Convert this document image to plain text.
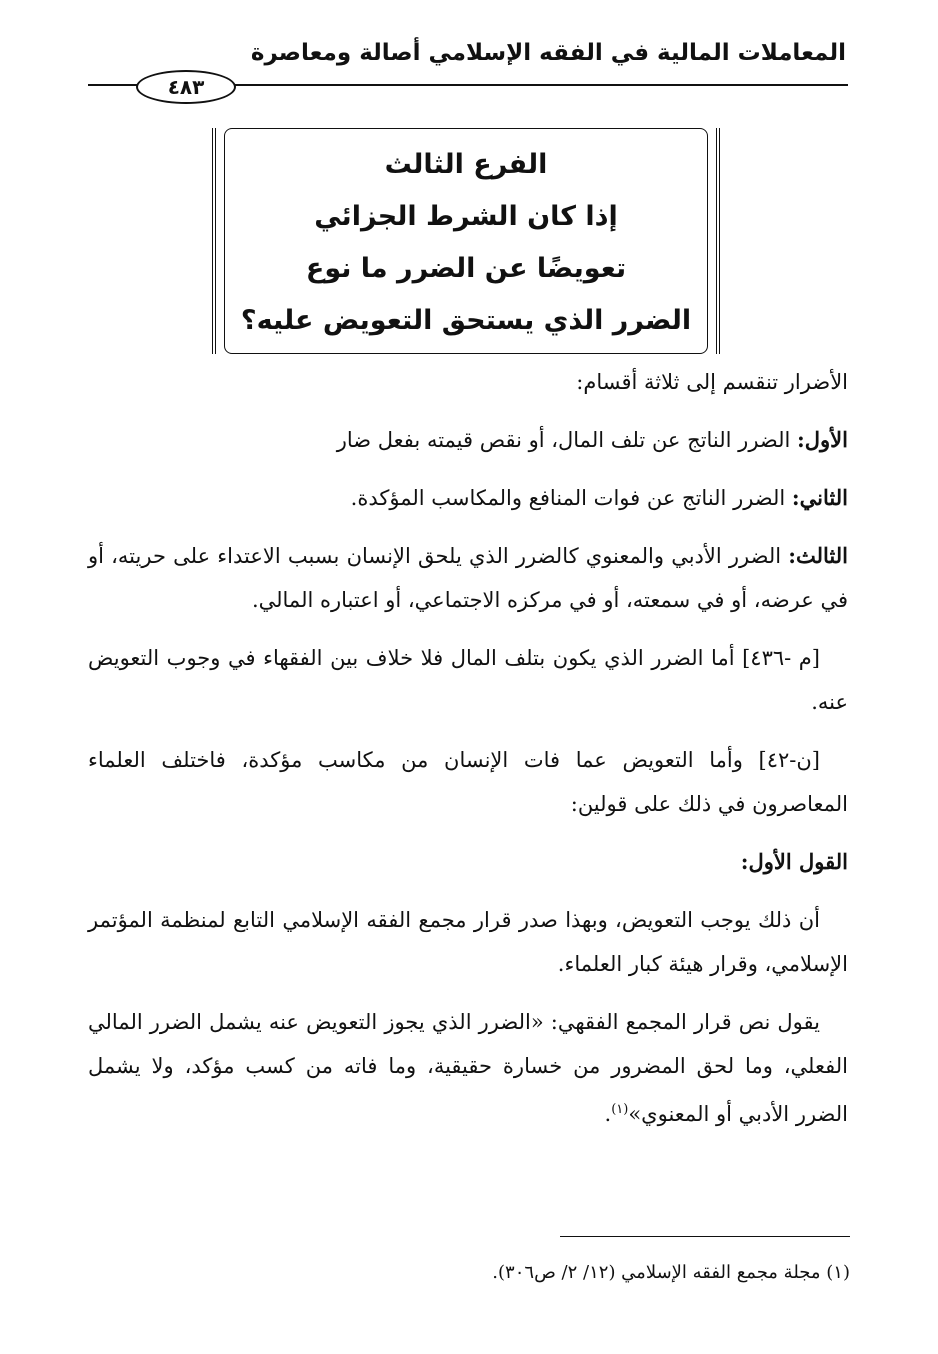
المعاملات المالية في الفقه الإسلامي أصالة ومعاصرة
٤٨٣
الفرع الثالث
إذا كان الشرط الجزائي
تعويضًا عن الضرر ما نوع
الضرر الذي يستحق التعويض عليه؟

الأضرار تنقسم إلى ثلاثة أقسام:

الأول: الضرر الناتج عن تلف المال، أو نقص قيمته بفعل ضار

الثاني: الضرر الناتج عن فوات المنافع والمكاسب المؤكدة.

الثالث: الضرر الأدبي والمعنوي كالضرر الذي يلحق الإنسان بسبب الاعتداء على حريته، أو في عرضه، أو في سمعته، أو في مركزه الاجتماعي، أو اعتباره المالي.

[م -٤٣٦] أما الضرر الذي يكون بتلف المال فلا خلاف بين الفقهاء في وجوب التعويض عنه.

[ن-٤٢] وأما التعويض عما فات الإنسان من مكاسب مؤكدة، فاختلف العلماء المعاصرون في ذلك على قولين:

القول الأول:

أن ذلك يوجب التعويض، وبهذا صدر قرار مجمع الفقه الإسلامي التابع لمنظمة المؤتمر الإسلامي، وقرار هيئة كبار العلماء.

يقول نص قرار المجمع الفقهي: «الضرر الذي يجوز التعويض عنه يشمل الضرر المالي الفعلي، وما لحق المضرور من خسارة حقيقية، وما فاته من كسب مؤكد، ولا يشمل الضرر الأدبي أو المعنوي»$^{(١)}$.

(١) مجلة مجمع الفقه الإسلامي (١٢/ ٢/ ص٣٠٦).
